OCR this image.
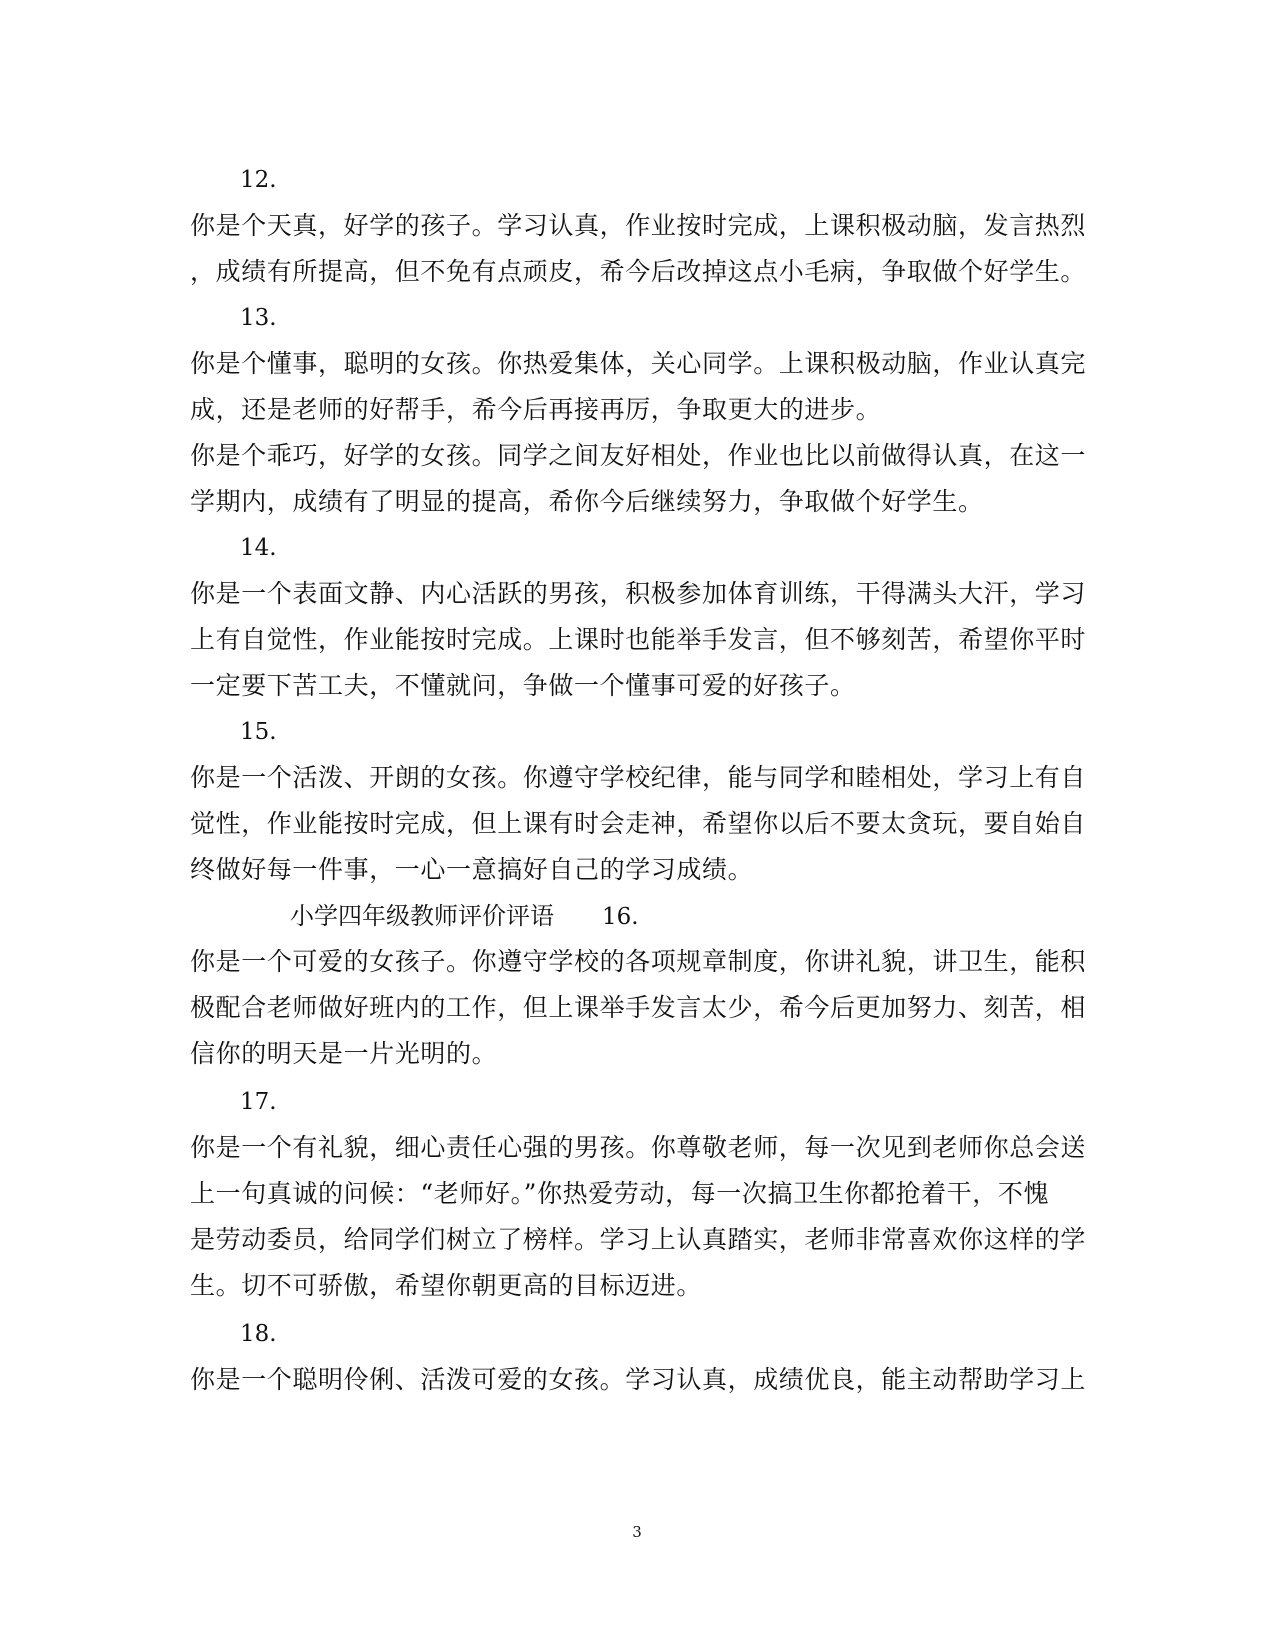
12.
你是个天真，好学的孩子。学习认真，作业按时完成，上课积极动脑，发言热烈
，成绩有所提高，但不免有点顽皮，希今后改掉这点小毛病，争取做个好学生。
13.
你是个懂事，聪明的女孩。你热爱集体，关心同学。上课积极动脑，作业认真完
成，还是老师的好帮手，希今后再接再厉，争取更大的进步。
你是个乖巧，好学的女孩。同学之间友好相处，作业也比以前做得认真，在这一
学期内，成绩有了明显的提高，希你今后继续努力，争取做个好学生。
14.
你是一个表面文静、内心活跃的男孩，积极参加体育训练，干得满头大汗，学习
上有自觉性，作业能按时完成。上课时也能举手发言，但不够刻苦，希望你平时
一定要下苦工夫，不懂就问，争做一个懂事可爱的好孩子。
15.
你是一个活泼、开朗的女孩。你遵守学校纪律，能与同学和睦相处，学习上有自
觉性，作业能按时完成，但上课有时会走神，希望你以后不要太贪玩，要自始自
终做好每一件事，一心一意搞好自己的学习成绩。
小学四年级教师评价评语 16.
你是一个可爱的女孩子。你遵守学校的各项规章制度，你讲礼貌，讲卫生，能积
极配合老师做好班内的工作，但上课举手发言太少，希今后更加努力、刻苦，相
信你的明天是一片光明的。
17.
你是一个有礼貌，细心责任心强的男孩。你尊敬老师，每一次见到老师你总会送
上一句真诚的问候：“老师好。”你热爱劳动，每一次搞卫生你都抢着干，不愧
是劳动委员，给同学们树立了榜样。学习上认真踏实，老师非常喜欢你这样的学
生。切不可骄傲，希望你朝更高的目标迈进。
18.
你是一个聪明伶俐、活泼可爱的女孩。学习认真，成绩优良，能主动帮助学习上
3
